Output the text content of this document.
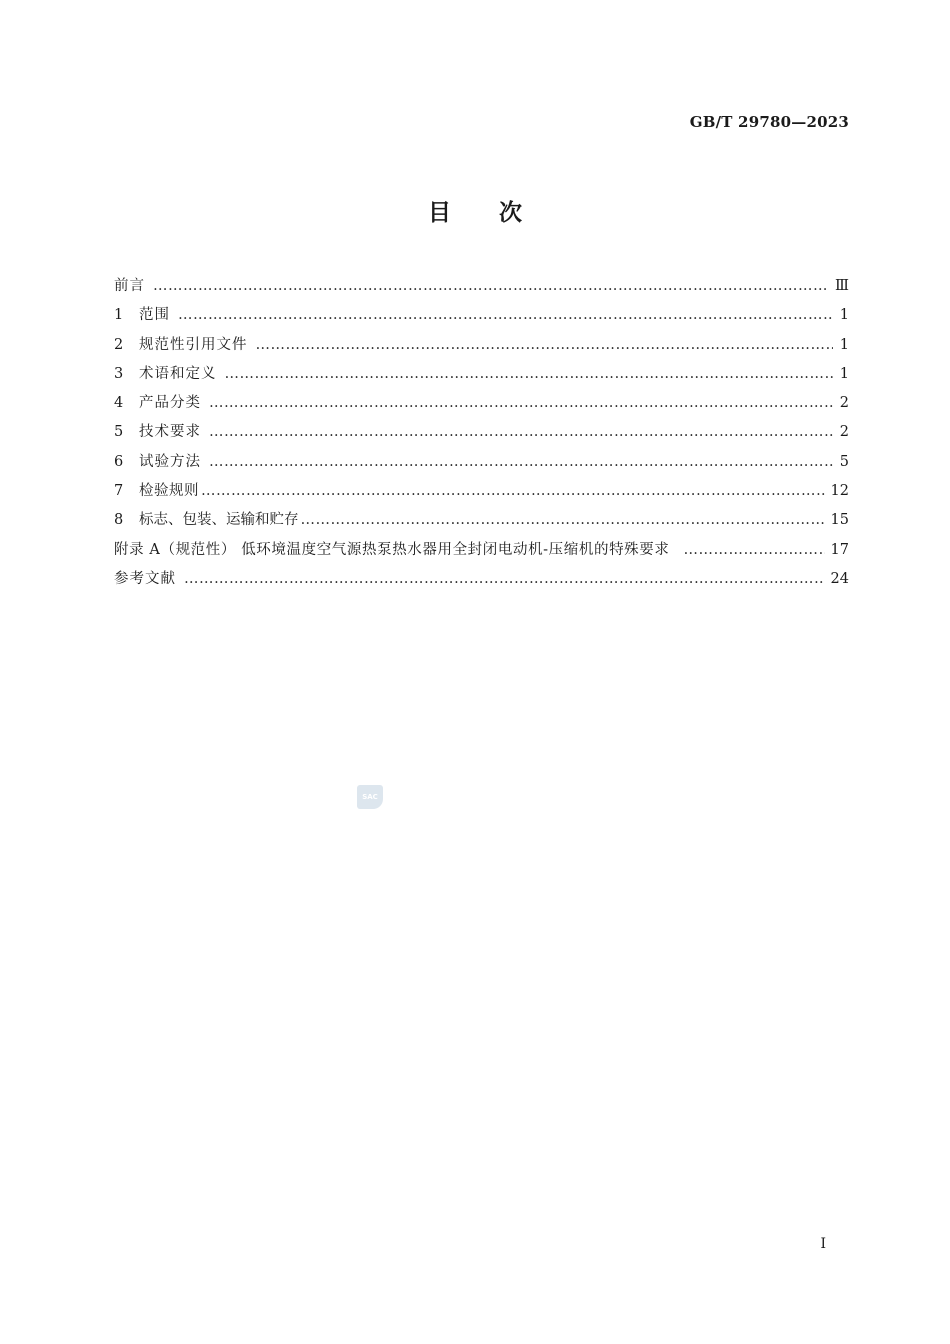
GB/T 29780—2023
目次
前言 ………………………………………………………………………………………………………………………………………………………………………………………………………………	Ⅲ
1	范围 ………………………………………………………………………………………………………………………………………………………………………………………………………………	1
2	规范性引用文件 ………………………………………………………………………………………………………………………………………………………………………………………………………………	1
3	术语和定义 ………………………………………………………………………………………………………………………………………………………………………………………………………………	1
4	产品分类 ………………………………………………………………………………………………………………………………………………………………………………………………………………	2
5	技术要求 ………………………………………………………………………………………………………………………………………………………………………………………………………………	2
6	试验方法 ………………………………………………………………………………………………………………………………………………………………………………………………………………	5
7	检验规则 ………………………………………………………………………………………………………………………………………………………………………………………………………………	12
8	标志、包装、运输和贮存 ………………………………………………………………………………………………………………………………………………………………………………………………………………	15
附录 A（规范性） 低环境温度空气源热泵热水器用全封闭电动机-压缩机的特殊要求 ………………………………………………………………………………………………………………………………………………………………………………………………………………	17
参考文献 ………………………………………………………………………………………………………………………………………………………………………………………………………………	24
SAC
Ⅰ
